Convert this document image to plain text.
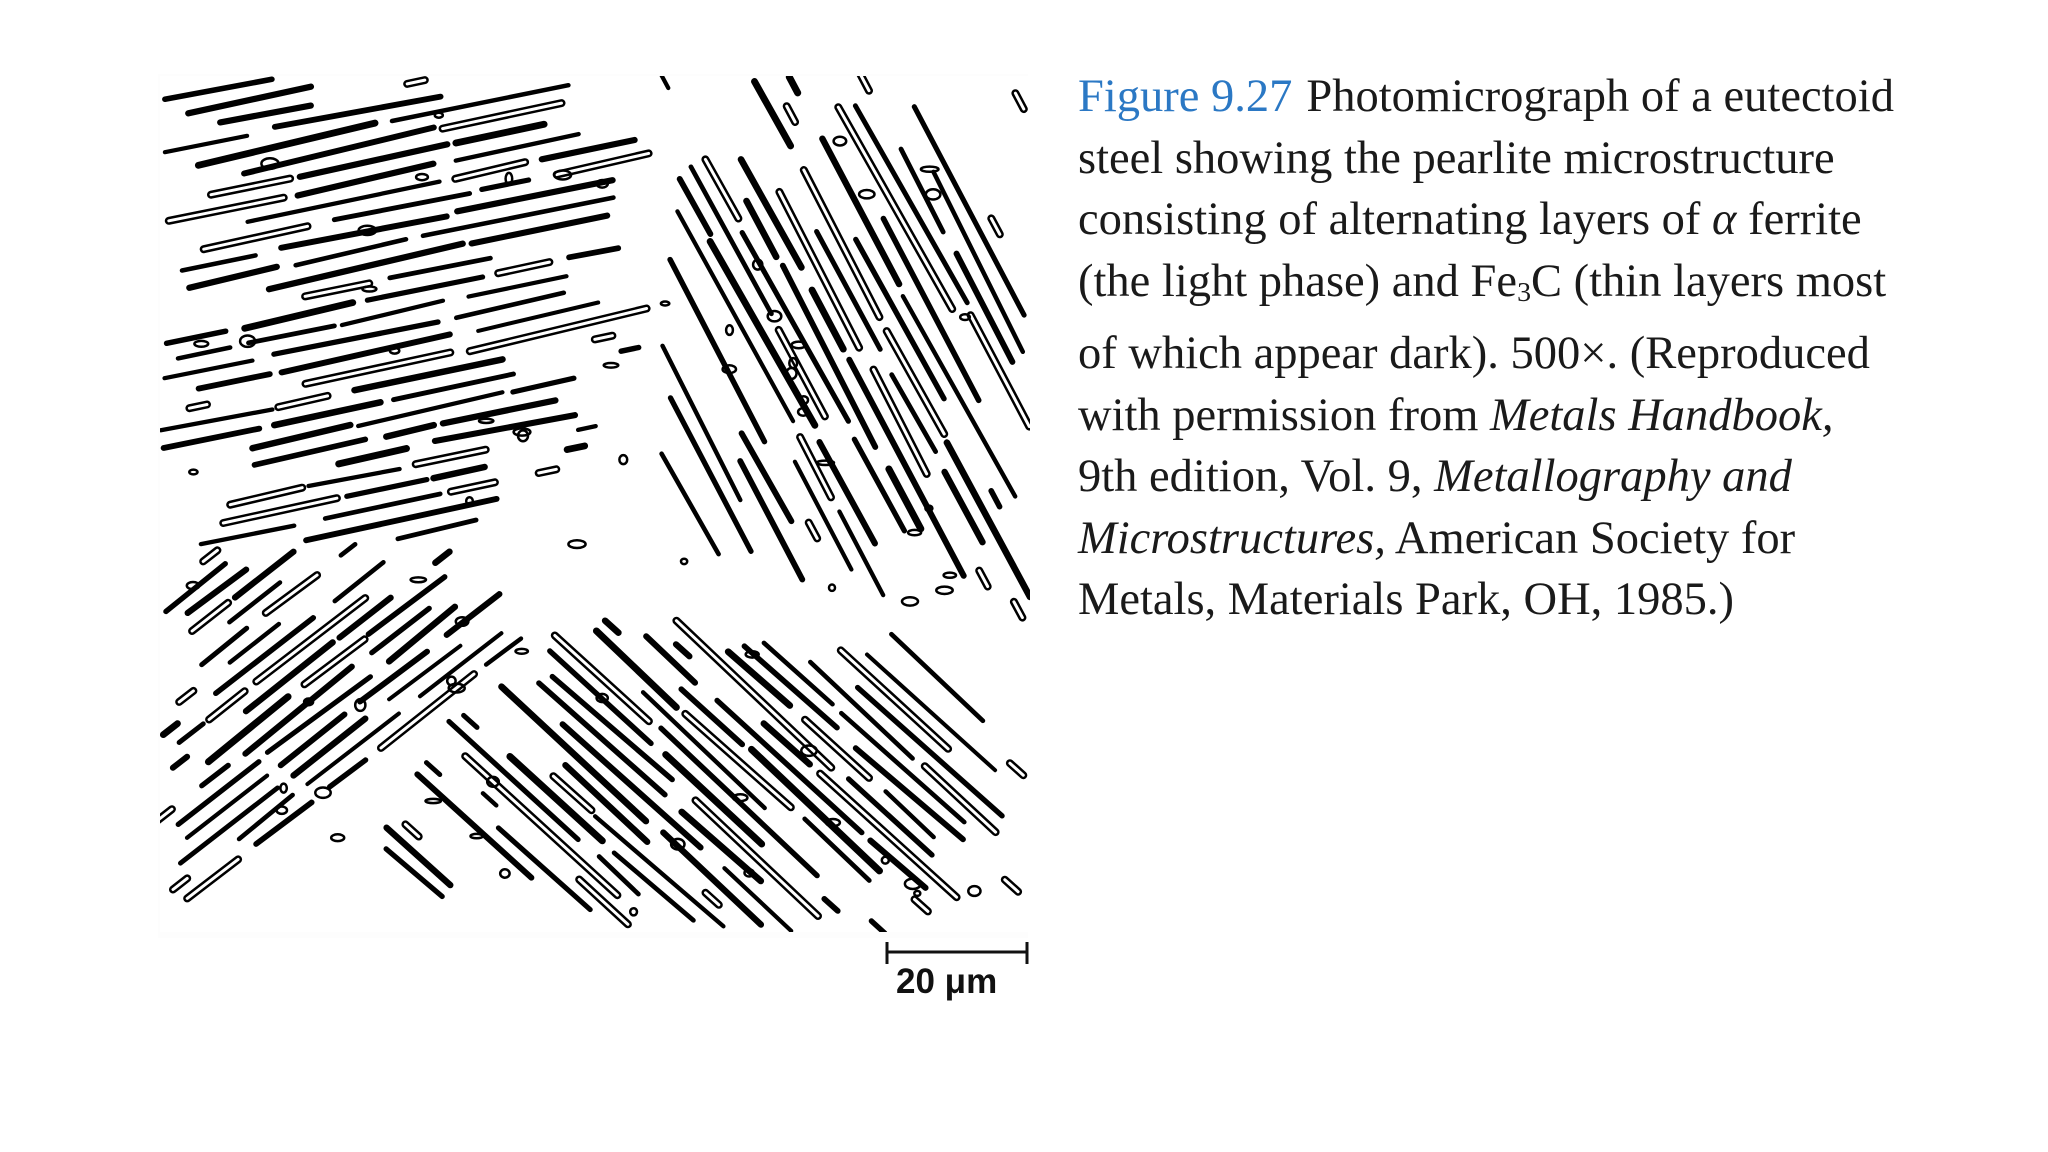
20 μm
Figure 9.27 Photomicrograph of a eutectoid
steel showing the pearlite microstructure
consisting of alternating layers of α ferrite
(the light phase) and Fe3C (thin layers most
of which appear dark). 500×. (Reproduced
with permission from Metals Handbook,
9th edition, Vol. 9, Metallography and
Microstructures, American Society for
Metals, Materials Park, OH, 1985.)
